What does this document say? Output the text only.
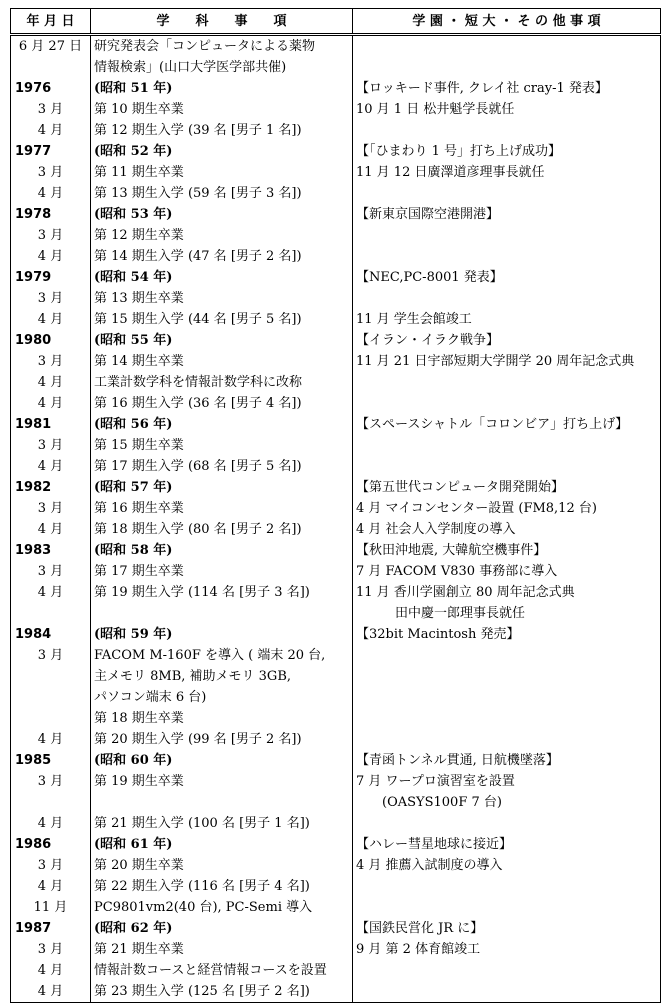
年 月 日	学　　科　　事　　項	学 園 ・ 短 大 ・ そ の 他 事 項
6 月 27 日	研究発表会「コンピュータによる薬物
情報検索」(山口大学医学部共催)	

1976	(昭和 51 年)	【ロッキード事件, クレイ社 cray-1 発表】

3 月	第 10 期生卒業	10 月 1 日 松井魁学長就任

4 月	第 12 期生入学 (39 名 [男子 1 名])	

1977	(昭和 52 年)	【「ひまわり 1 号」打ち上げ成功】

3 月	第 11 期生卒業	11 月 12 日廣澤道彦理事長就任

4 月	第 13 期生入学 (59 名 [男子 3 名])	

1978	(昭和 53 年)	【新東京国際空港開港】

3 月	第 12 期生卒業	

4 月	第 14 期生入学 (47 名 [男子 2 名])	

1979	(昭和 54 年)	【NEC,PC-8001 発表】

3 月	第 13 期生卒業	

4 月	第 15 期生入学 (44 名 [男子 5 名])	11 月 学生会館竣工

1980	(昭和 55 年)	【イラン・イラク戦争】

3 月	第 14 期生卒業	11 月 21 日宇部短期大学開学 20 周年記念式典

4 月	工業計数学科を情報計数学科に改称	

4 月	第 16 期生入学 (36 名 [男子 4 名])	

1981	(昭和 56 年)	【スペースシャトル「コロンビア」打ち上げ】

3 月	第 15 期生卒業	

4 月	第 17 期生入学 (68 名 [男子 5 名])	

1982	(昭和 57 年)	【第五世代コンピュータ開発開始】

3 月	第 16 期生卒業	4 月 マイコンセンター設置 (FM8,12 台)

4 月	第 18 期生入学 (80 名 [男子 2 名])	4 月 社会人入学制度の導入

1983	(昭和 58 年)	【秋田沖地震, 大韓航空機事件】

3 月	第 17 期生卒業	7 月 FACOM V830 事務部に導入

4 月	第 19 期生入学 (114 名 [男子 3 名])	11 月 香川学園創立 80 周年記念式典
　　　田中慶一郎理事長就任

1984	(昭和 59 年)	【32bit Macintosh 発売】

3 月	FACOM M-160F を導入 ( 端末 20 台,
主メモリ 8MB, 補助メモリ 3GB,
パソコン端末 6 台)
第 18 期生卒業	

4 月	第 20 期生入学 (99 名 [男子 2 名])	

1985	(昭和 60 年)	【青函トンネル貫通, 日航機墜落】

3 月	第 19 期生卒業	7 月 ワープロ演習室を設置
　　(OASYS100F 7 台)

4 月	第 21 期生入学 (100 名 [男子 1 名])	

1986	(昭和 61 年)	【ハレー彗星地球に接近】

3 月	第 20 期生卒業	4 月 推薦入試制度の導入

4 月	第 22 期生入学 (116 名 [男子 4 名])	

11 月	PC9801vm2(40 台), PC-Semi 導入	

1987	(昭和 62 年)	【国鉄民営化 JR に】

3 月	第 21 期生卒業	9 月 第 2 体育館竣工

4 月	情報計数コースと経営情報コースを設置	

4 月	第 23 期生入学 (125 名 [男子 2 名])	
